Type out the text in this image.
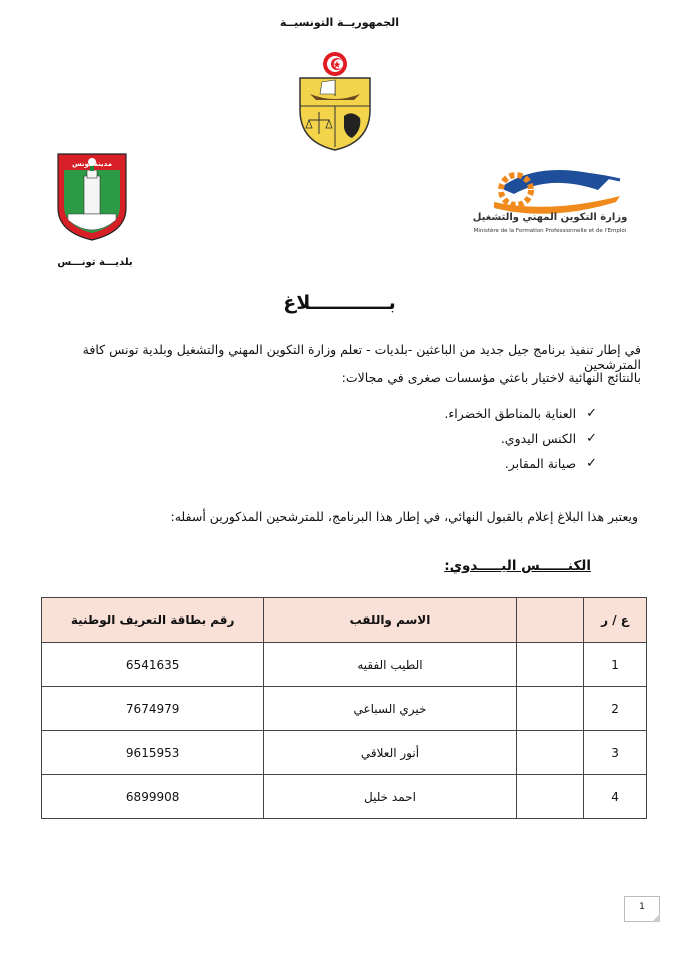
الجمهوريــة التونسيــة
مدينة تونس
بلديـــة تونـــس
وزارة التكوين المهني والتشغيل
Ministère de la Formation Professionnelle et de l'Emploi
بــــــــــــلاغ
في إطار تنفيذ برنامج جيل جديد من الباعثين -بلديات - تعلم وزارة التكوين المهني والتشغيل وبلدية تونس كافة المترشحين
بالنتائج النهائية لاختيار باعثي مؤسسات صغرى في مجالات:
✓
العناية بالمناطق الخضراء.
✓
الكنس اليدوي.
✓
صيانة المقابر.
ويعتبر هذا البلاغ إعلام بالقبول النهائي، في إطار هذا البرنامج، للمترشحين المذكورين أسفله:
الكنــــــس اليـــــدوي:
ع / ر		الاسم واللقب	رقم بطاقة التعريف الوطنية
1		الطيب الفقيه	6541635
2		خيري السباعي	7674979
3		أنور العلاقي	9615953
4		احمد خليل	6899908
1
